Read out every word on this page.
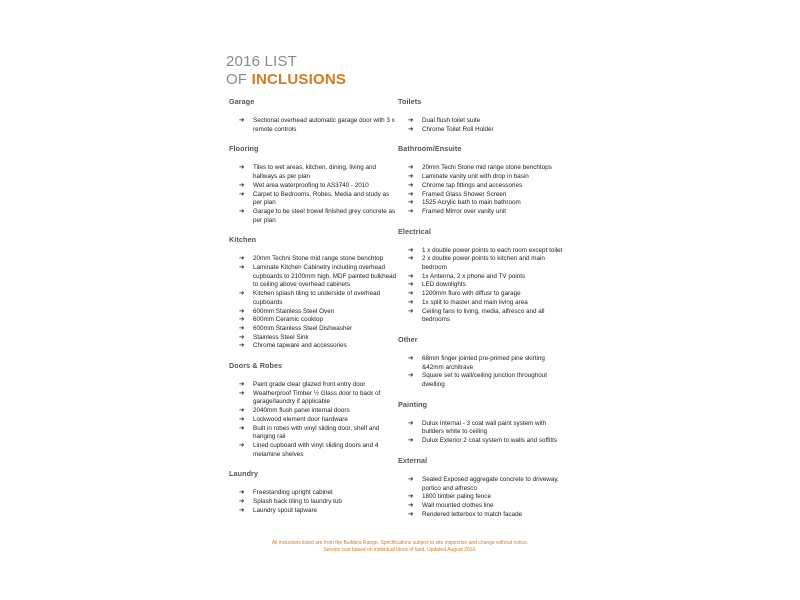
2016 LIST
OF INCLUSIONS
Garage
➔ Sectional overhead automatic garage door with 3 x remote controls
Flooring
➔ Tiles to wet areas, kitchen, dining, living and hallways as per plan
➔ Wet area waterproofing to AS3740 - 2010
➔ Carpet to Bedrooms, Robes, Media and study as per plan
➔ Garage to be steel trowel finished grey concrete as per plan
Kitchen
➔ 20mm Techni Stone mid range stone benchtop
➔ Laminate Kitchen Cabinetry including overhead cupboards to 2100mm high, MDF painted bulkhead to ceiling above overhead cabinets
➔ Kitchen splash tiling to underside of overhead cupboards
➔ 600mm Stainless Steel Oven
➔ 600mm Ceramic cooktop
➔ 600mm Stainless Steel Dishwasher
➔ Stainless Steel Sink
➔ Chrome tapware and accessories
Doors & Robes
➔ Paint grade clear glazed front entry door
➔ Weatherproof Timber ½ Glass door to back of garage/laundry if applicable
➔ 2040mm flush panel internal doors
➔ Lockwood element door hardware
➔ Built in robes with vinyl sliding door, shelf and hanging rail
➔ Lined cupboard with vinyl sliding doors and 4 melamine shelves
Laundry
➔ Freestanding upright cabinet
➔ Splash back tiling to laundry tub
➔ Laundry spout tapware
Toilets
➔ Dual flush toilet suite
➔ Chrome Toilet Roll Holder
Bathroom/Ensuite
➔ 20mm Techi Stone mid range stone benchtops
➔ Laminate vanity unit with drop in basin
➔ Chrome tap fittings and accessories
➔ Framed Glass Shower Screen
➔ 1525 Acrylic bath to main bathroom
➔ Framed Mirror over vanity unit
Electrical
➔ 1 x double power points to each room except toilet
➔ 2 x double power points to kitchen and main bedroom
➔ 1x Antenna, 2 x phone and TV points
➔ LED downlights
➔ 1200mm fluro with diffusr to garage
➔ 1x split to master and main living area
➔ Ceiling fans to living, media, alfresco and all bedrooms
Other
➔ 68mm finger jointed pre-primed pine skirting &42mm architrave
➔ Square set to wall/ceiling junction throughout dwelling
Painting
➔ Dulux Internal - 3 coat wall paint system with builders white to ceiling
➔ Dulux Exterior 2 coat system to walls and soffitts
External
➔ Sealed Exposed aggregate concrete to driveway, portico and alfresco
➔ 1800 timber paling fence
➔ Wall mounted clothes line
➔ Rendered letterbox to match facade
All inclusions listed are from the Builders Range. Specifications subject to site inspection and change without notice.
Service cost based on individual block of land. Updated August 2016.
